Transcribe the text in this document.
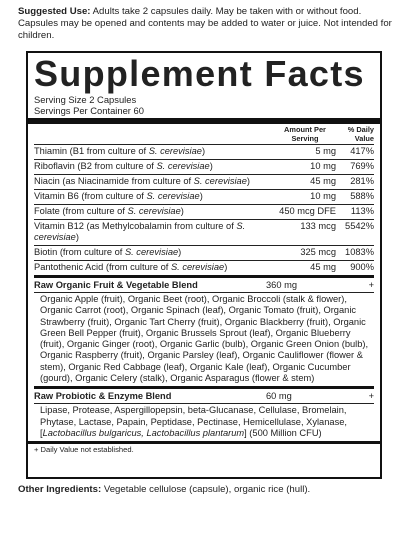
Suggested Use: Adults take 2 capsules daily. May be taken with or without food. Capsules may be opened and contents may be added to water or juice. Not intended for children.
Supplement Facts
Serving Size 2 Capsules
Servings Per Container 60
Amount Per Serving
% Daily Value
Thiamin (B1 from culture of S. cerevisiae)	5 mg	417%
Riboflavin (B2 from culture of S. cerevisiae)	10 mg	769%
Niacin (as Niacinamide from culture of S. cerevisiae)	45 mg	281%
Vitamin B6 (from culture of S. cerevisiae)	10 mg	588%
Folate (from culture of S. cerevisiae)	450 mcg DFE	113%
Vitamin B12 (as Methylcobalamin from culture of S. cerevisiae)
133 mcg 5542%
Biotin (from culture of S. cerevisiae)	325 mcg 1083%
Pantothenic Acid (from culture of S. cerevisiae)	45 mg	900%
Raw Organic Fruit & Vegetable Blend	360 mg	+
Organic Apple (fruit), Organic Beet (root), Organic Broccoli (stalk & flower), Organic Carrot (root), Organic Spinach (leaf), Organic Tomato (fruit), Organic Strawberry (fruit), Organic Tart Cherry (fruit), Organic Blackberry (fruit), Organic Green Bell Pepper (fruit), Organic Brussels Sprout (leaf), Organic Blueberry (fruit), Organic Ginger (root), Organic Garlic (bulb), Organic Green Onion (bulb), Organic Raspberry (fruit), Organic Parsley (leaf), Organic Cauliflower (flower & stem), Organic Red Cabbage (leaf), Organic Kale (leaf), Organic Cucumber (gourd), Organic Celery (stalk), Organic Asparagus (flower & stem)
Raw Probiotic & Enzyme Blend	60 mg	+
Lipase, Protease, Aspergillopepsin, beta-Glucanase, Cellulase, Bromelain, Phytase, Lactase, Papain, Peptidase, Pectinase, Hemicellulase, Xylanase, [Lactobacillus bulgaricus, Lactobacillus plantarum] (500 Million CFU)
+ Daily Value not established.
Other Ingredients: Vegetable cellulose (capsule), organic rice (hull).
